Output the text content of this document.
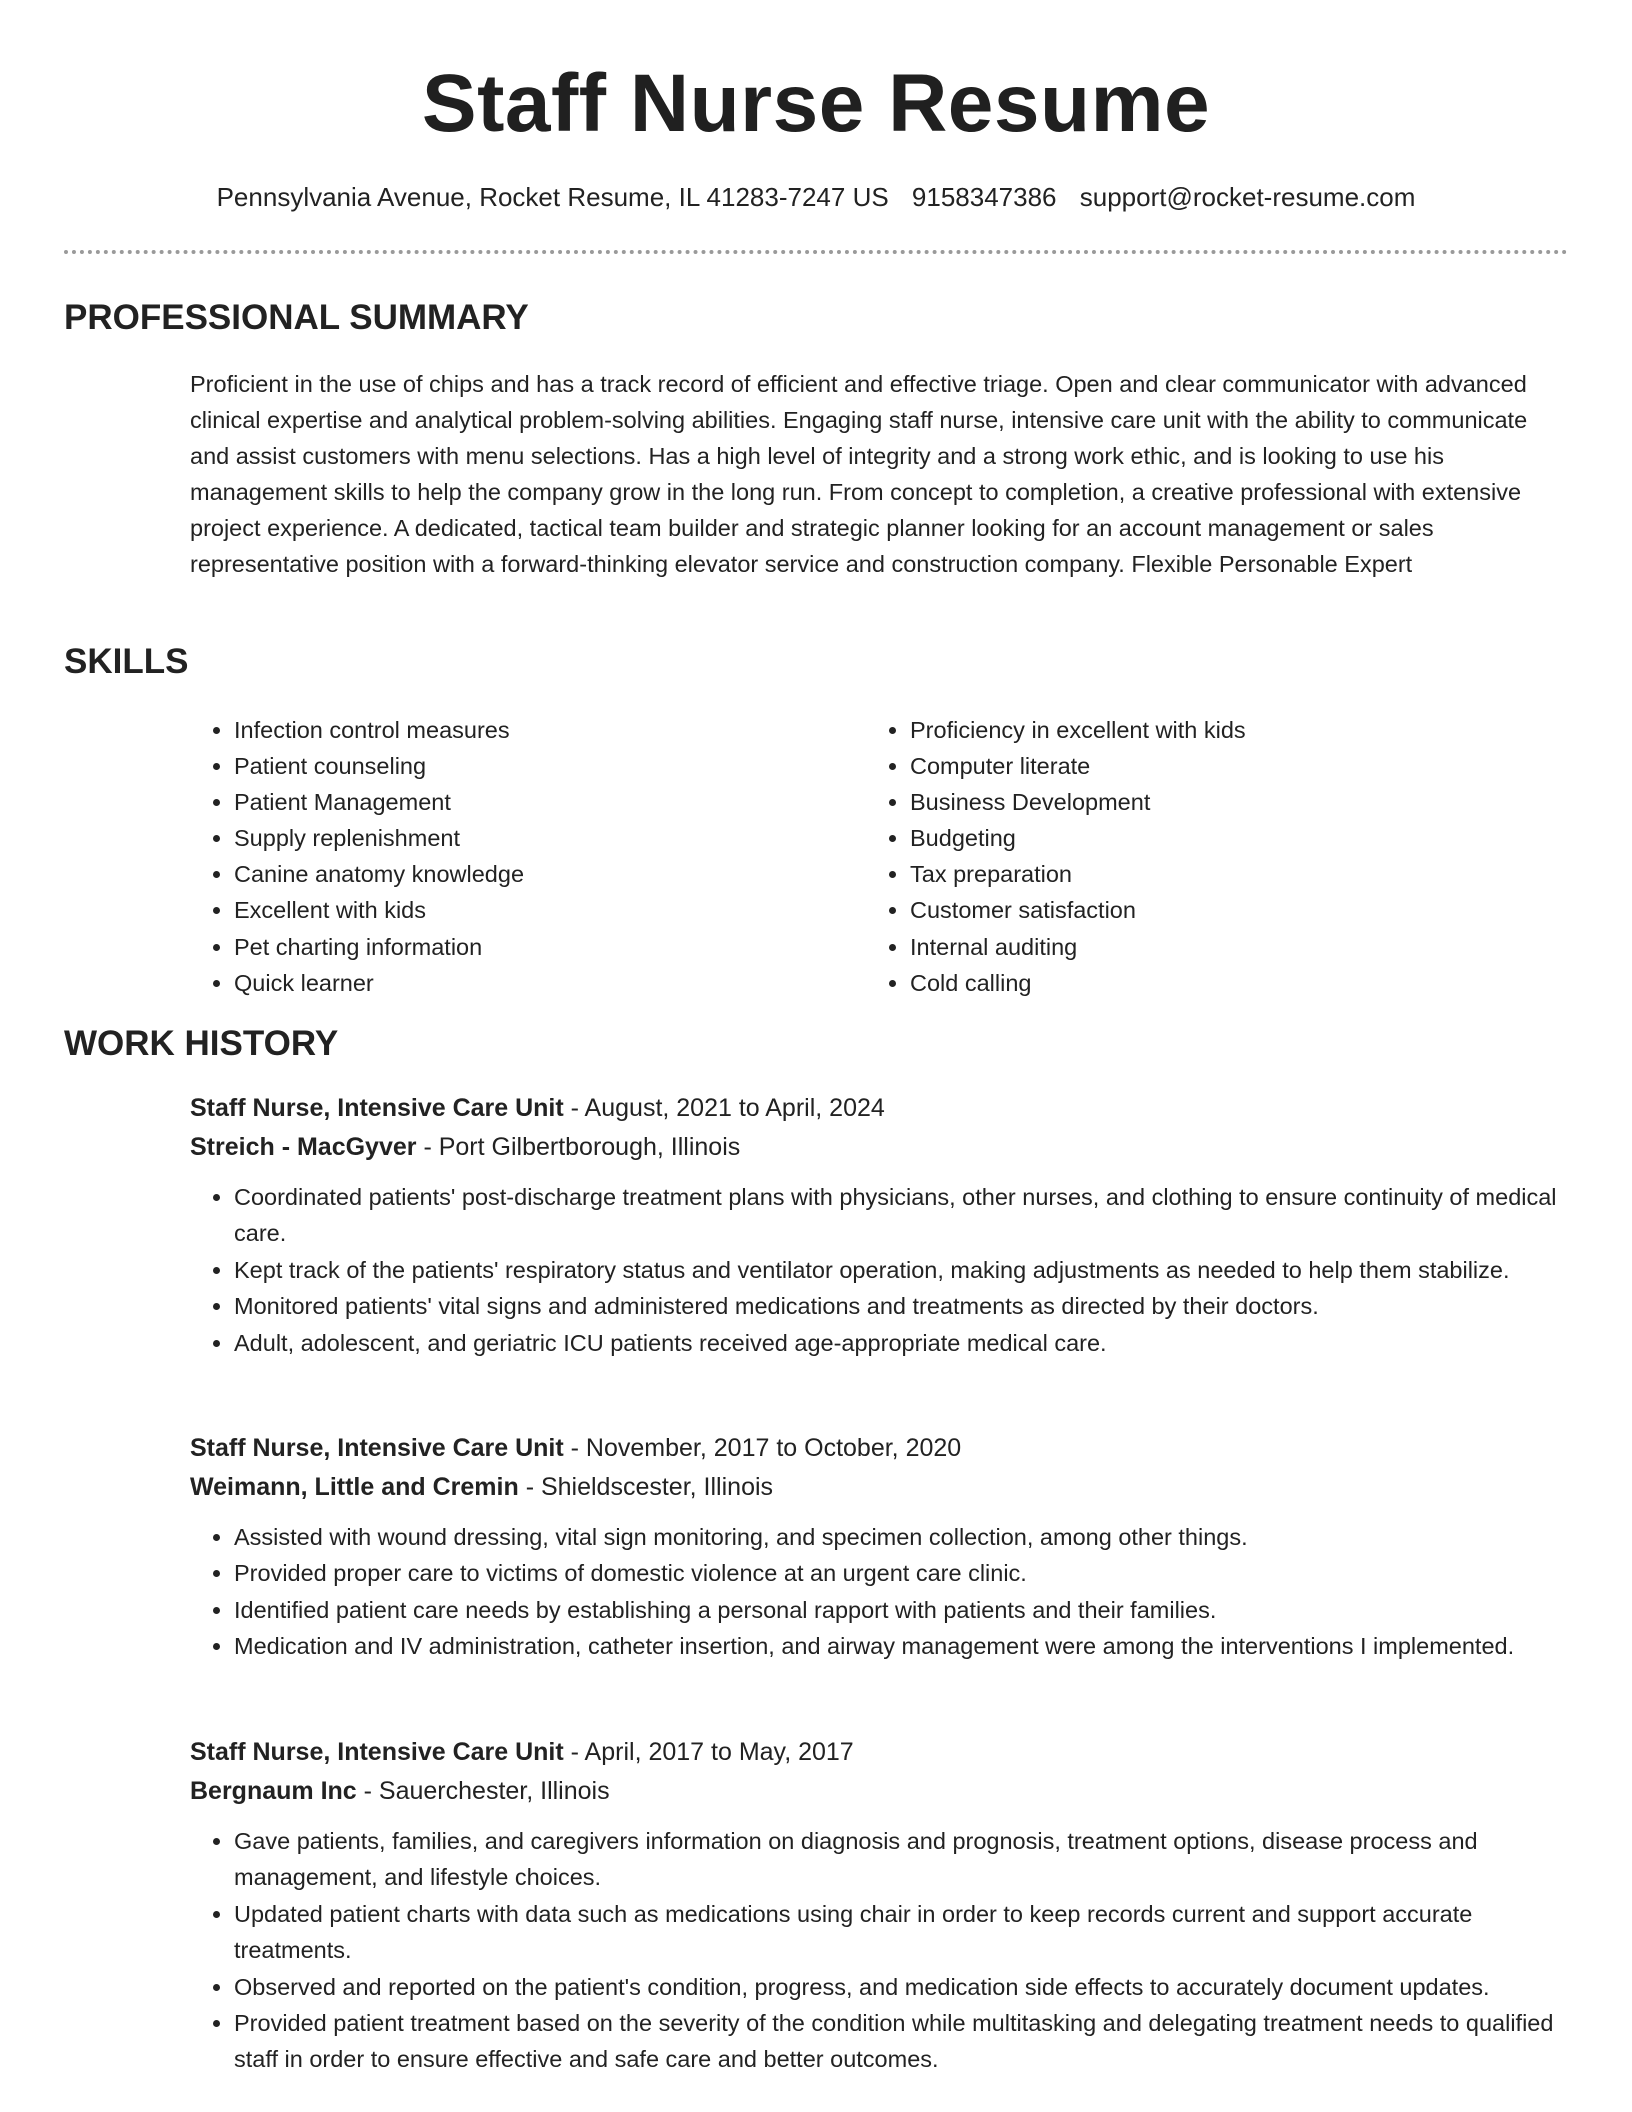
Staff Nurse Resume
Pennsylvania Avenue, Rocket Resume, IL 41283-7247 US 9158347386 support@rocket-resume.com
PROFESSIONAL SUMMARY

Proficient in the use of chips and has a track record of efficient and effective triage. Open and clear communicator with advanced clinical expertise and analytical problem-solving abilities. Engaging staff nurse, intensive care unit with the ability to communicate and assist customers with menu selections. Has a high level of integrity and a strong work ethic, and is looking to use his management skills to help the company grow in the long run. From concept to completion, a creative professional with extensive project experience. A dedicated, tactical team builder and strategic planner looking for an account management or sales representative position with a forward-thinking elevator service and construction company. Flexible Personable Expert

SKILLS
• Infection control measures
• Patient counseling
• Patient Management
• Supply replenishment
• Canine anatomy knowledge
• Excellent with kids
• Pet charting information
• Quick learner
• Proficiency in excellent with kids
• Computer literate
• Business Development
• Budgeting
• Tax preparation
• Customer satisfaction
• Internal auditing
• Cold calling
WORK HISTORY
Staff Nurse, Intensive Care Unit - August, 2021 to April, 2024
Streich - MacGyver - Port Gilbertborough, Illinois
• Coordinated patients' post-discharge treatment plans with physicians, other nurses, and clothing to ensure continuity of medical care.
• Kept track of the patients' respiratory status and ventilator operation, making adjustments as needed to help them stabilize.
• Monitored patients' vital signs and administered medications and treatments as directed by their doctors.
• Adult, adolescent, and geriatric ICU patients received age-appropriate medical care.
Staff Nurse, Intensive Care Unit - November, 2017 to October, 2020
Weimann, Little and Cremin - Shieldscester, Illinois
• Assisted with wound dressing, vital sign monitoring, and specimen collection, among other things.
• Provided proper care to victims of domestic violence at an urgent care clinic.
• Identified patient care needs by establishing a personal rapport with patients and their families.
• Medication and IV administration, catheter insertion, and airway management were among the interventions I implemented.
Staff Nurse, Intensive Care Unit - April, 2017 to May, 2017
Bergnaum Inc - Sauerchester, Illinois
• Gave patients, families, and caregivers information on diagnosis and prognosis, treatment options, disease process and management, and lifestyle choices.
• Updated patient charts with data such as medications using chair in order to keep records current and support accurate treatments.
• Observed and reported on the patient's condition, progress, and medication side effects to accurately document updates.
• Provided patient treatment based on the severity of the condition while multitasking and delegating treatment needs to qualified staff in order to ensure effective and safe care and better outcomes.
